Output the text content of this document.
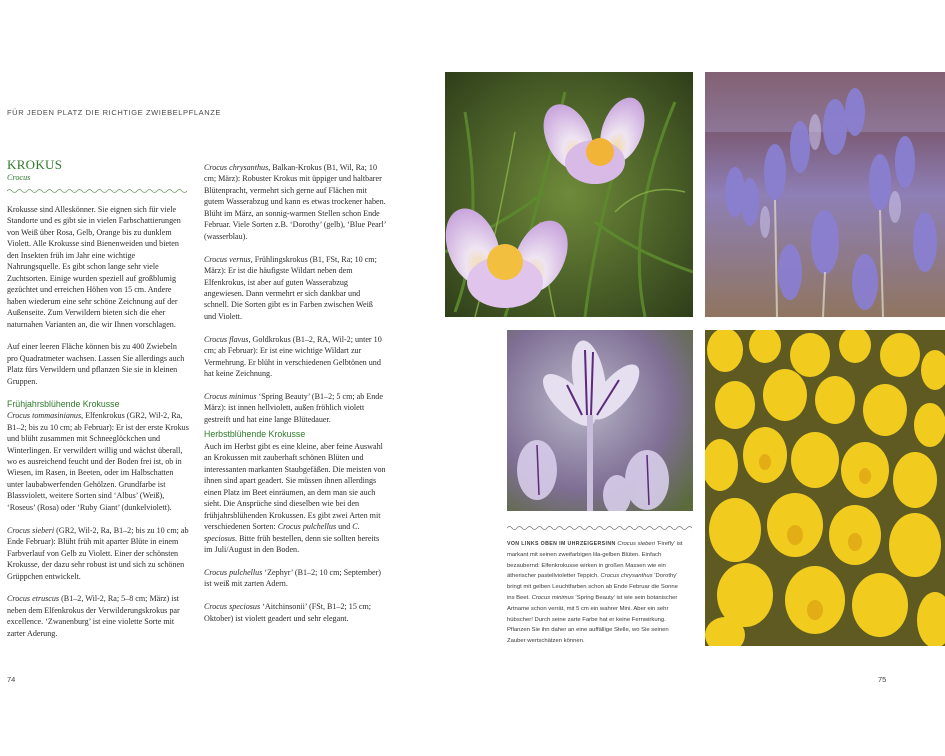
FÜR JEDEN PLATZ DIE RICHTIGE ZWIEBELPFLANZE
KROKUS
Crocus

Krokusse sind Alleskönner. Sie eignen sich für viele Standorte und es gibt sie in vielen Farbschattierungen von Weiß über Rosa, Gelb, Orange bis zu dunklem Violett. Alle Krokusse sind Bienenweiden und bieten den Insekten früh im Jahr eine wichtige Nahrungsquelle. Es gibt schon lange sehr viele Zuchtsorten. Einige wurden speziell auf großblumig gezüchtet und erreichen Höhen von 15 cm. Andere haben wiederum eine sehr schöne Zeichnung auf der Außenseite. Zum Verwildern bieten sich die eher naturnahen Varianten an, die wir Ihnen vorschlagen.

Auf einer leeren Fläche können bis zu 400 Zwiebeln pro Quadratmeter wachsen. Lassen Sie allerdings auch Platz fürs Verwildern und pflanzen Sie sie in kleinen Gruppen.

Frühjahrsblühende Krokusse

Crocus tommasinianus, Elfenkrokus (GR2, Wil-2, Ra, B1–2; bis zu 10 cm; ab Februar): Er ist der erste Krokus und blüht zusammen mit Schneeglöckchen und Winterlingen. Er verwildert willig und wächst überall, wo es ausreichend feucht und der Boden frei ist, ob in Wiesen, im Rasen, in Beeten, oder im Halbschatten unter laubabwerfenden Gehölzen. Grundfarbe ist Blassviolett, weitere Sorten sind ‘Albus’ (Weiß), ‘Roseus’ (Rosa) oder ‘Ruby Giant’ (dunkelviolett).

Crocus sieberi (GR2, Wil-2, Ra, B1–2; bis zu 10 cm; ab Ende Februar): Blüht früh mit aparter Blüte in einem Farbverlauf von Gelb zu Violett. Einer der schönsten Krokusse, der dazu sehr robust ist und sich zu schönen Grüppchen entwickelt.

Crocus etruscus (B1–2, Wil-2, Ra; 5–8 cm; März) ist neben dem Elfenkrokus der Verwilderungskrokus par excellence. ‘Zwanenburg’ ist eine violette Sorte mit zarter Aderung.

Crocus chrysanthus, Balkan-Krokus (B1, Wil, Ra; 10 cm; März): Robuster Krokus mit üppiger und haltbarer Blütenpracht, vermehrt sich gerne auf Flächen mit gutem Wasserabzug und kann es etwas trockener haben. Blüht im März, an sonnig-warmen Stellen schon Ende Februar. Viele Sorten z.B. ‘Dorothy’ (gelb), ‘Blue Pearl’ (wasserblau).

Crocus vernus, Frühlingskrokus (B1, FSt, Ra; 10 cm; März): Er ist die häufigste Wildart neben dem Elfenkrokus, ist aber auf guten Wasserabzug angewiesen. Dann vermehrt er sich dankbar und schnell. Die Sorten gibt es in Farben zwischen Weiß und Violett.

Crocus flavus, Goldkrokus (B1–2, RA, Wil-2; unter 10 cm; ab Februar): Er ist eine wichtige Wildart zur Vermehrung. Er blüht in verschiedenen Gelbtönen und hat keine Zeichnung.

Crocus minimus ‘Spring Beauty’ (B1–2; 5 cm; ab Ende März): ist innen hellviolett, außen fröhlich violett gestreift und hat eine lange Blütedauer.

Herbstblühende Krokusse

Auch im Herbst gibt es eine kleine, aber feine Auswahl an Krokussen mit zauberhaft schönen Blüten und interessanten markanten Staubgefäßen. Die meisten von ihnen sind apart geadert. Sie müssen ihnen allerdings einen Platz im Beet einräumen, an dem man sie auch sieht. Die Ansprüche sind dieselben wie bei den frühjahrsblühenden Krokussen. Es gibt zwei Arten mit verschiedenen Sorten: Crocus pulchellus und C. speciosus. Bitte früh bestellen, denn sie sollten bereits im Juli/August in den Boden.

Crocus pulchellus ‘Zephyr’ (B1–2; 10 cm; September) ist weiß mit zarten Adern.

Crocus speciosus ‘Aitchinsonii’ (FSt, B1–2; 15 cm; Oktober) ist violett geadert und sehr elegant.

74
VON LINKS OBEN IM UHRZEIGERSINN Crocus sieberi ‘Firefly’ ist markant mit seinen zweifarbigen lila-gelben Blüten. Einfach bezaubernd: Elfenkrokusse wirken in großen Massen wie ein ätherischer pastellvioletter Teppich. Crocus chrysanthus ‘Dorothy’ bringt mit gelben Leuchtfarben schon ab Ende Februar die Sonne ins Beet. Crocus minimus ‘Spring Beauty’ ist wie sein botanischer Artname schon verrät, mit 5 cm ein wahrer Mini. Aber ein sehr hübscher! Durch seine zarte Farbe hat er keine Fernwirkung. Pflanzen Sie ihn daher an eine auffällige Stelle, wo Sie seinen Zauber wertschätzen können.
75
